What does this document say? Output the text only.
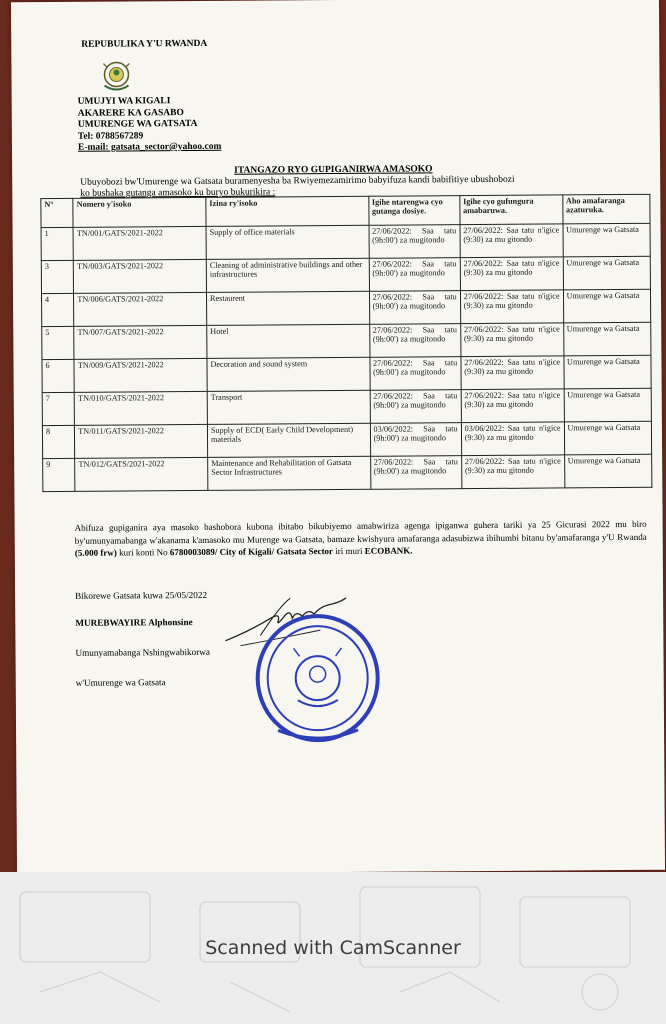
REPUBULIKA Y'U RWANDA
UMUJYI WA KIGALI
AKARERE KA GASABO
UMURENGE WA GATSATA
Tel: 0788567289
E-mail: gatsata_sector@yahoo.com
ITANGAZO RYO GUPIGANIRWA AMASOKO
Ubuyobozi bw'Umurenge wa Gatsata buramenyesha ba Rwiyemezamirimo babyifuza kandi babifitiye ubushobozi
ko bushaka gutanga amasoko ku buryo bukurikira :
N°	Nomero y'isoko	Izina ry'isoko	Igihe ntarengwa cyo gutanga dosiye.	Igihe cyo gufungura amabaruwa.	Aho amafaranga azaturuka.
1	TN/001/GATS/2021-2022	Supply of office materials	27/06/2022: Saa tatu (9h:00') za mugitondo	27/06/2022: Saa tatu n'igice (9:30) za mu gitondo	Umurenge wa Gatsata
3	TN/003/GATS/2021-2022	Cleaning of administrative buildings and other infrastructures	27/06/2022: Saa tatu (9h:00') za mugitondo	27/06/2022: Saa tatu n'igice (9:30) za mu gitondo	Umurenge wa Gatsata
4	TN/006/GATS/2021-2022	Restaurent	27/06/2022: Saa tatu (9h:00') za mugitondo	27/06/2022: Saa tatu n'igice (9:30) za mu gitondo	Umurenge wa Gatsata
5	TN/007/GATS/2021-2022	Hotel	27/06/2022: Saa tatu (9h:00') za mugitondo	27/06/2022: Saa tatu n'igice (9:30) za mu gitondo	Umurenge wa Gatsata
6	TN/009/GATS/2021-2022	Decoration and sound system	27/06/2022: Saa tatu (9h:00') za mugitondo	27/06/2022: Saa tatu n'igice (9:30) za mu gitondo	Umurenge wa Gatsata
7	TN/010/GATS/2021-2022	Transport	27/06/2022: Saa tatu (9h:00') za mugitondo	27/06/2022: Saa tatu n'igice (9:30) za mu gitondo	Umurenge wa Gatsata
8	TN/011/GATS/2021-2022	Supply of ECD( Early Child Development) materials	03/06/2022: Saa tatu (9h:00') za mugitondo	03/06/2022: Saa tatu n'igice (9:30) za mu gitondo	Umurenge wa Gatsata
9	TN/012/GATS/2021-2022	Maintenance and Rehabilitation of Gatsata Sector Infrastructures	27/06/2022: Saa tatu (9h:00') za mugitondo	27/06/2022: Saa tatu n'igice (9:30) za mu gitondo	Umurenge wa Gatsata
Abifuza gupiganira aya masoko bashobora kubona ibitabo bikubiyemo amabwiriza agenga ipiganwa guhera tariki ya 25 Gicurasi 2022 mu biro by'umunyamabanga w'akanama k'amasoko mu Murenge wa Gatsata, bamaze kwishyura amafaranga adasubizwa ibihumbi bitanu by'amafaranga y'U Rwanda (5.000 frw) kuri konti No 6780003089/ City of Kigali/ Gatsata Sector iri muri ECOBANK.
Bikorewe Gatsata kuwa 25/05/2022
MUREBWAYIRE Alphonsine
Umunyamabanga Nshingwabikorwa
w'Umurenge wa Gatsata
Scanned with CamScanner
